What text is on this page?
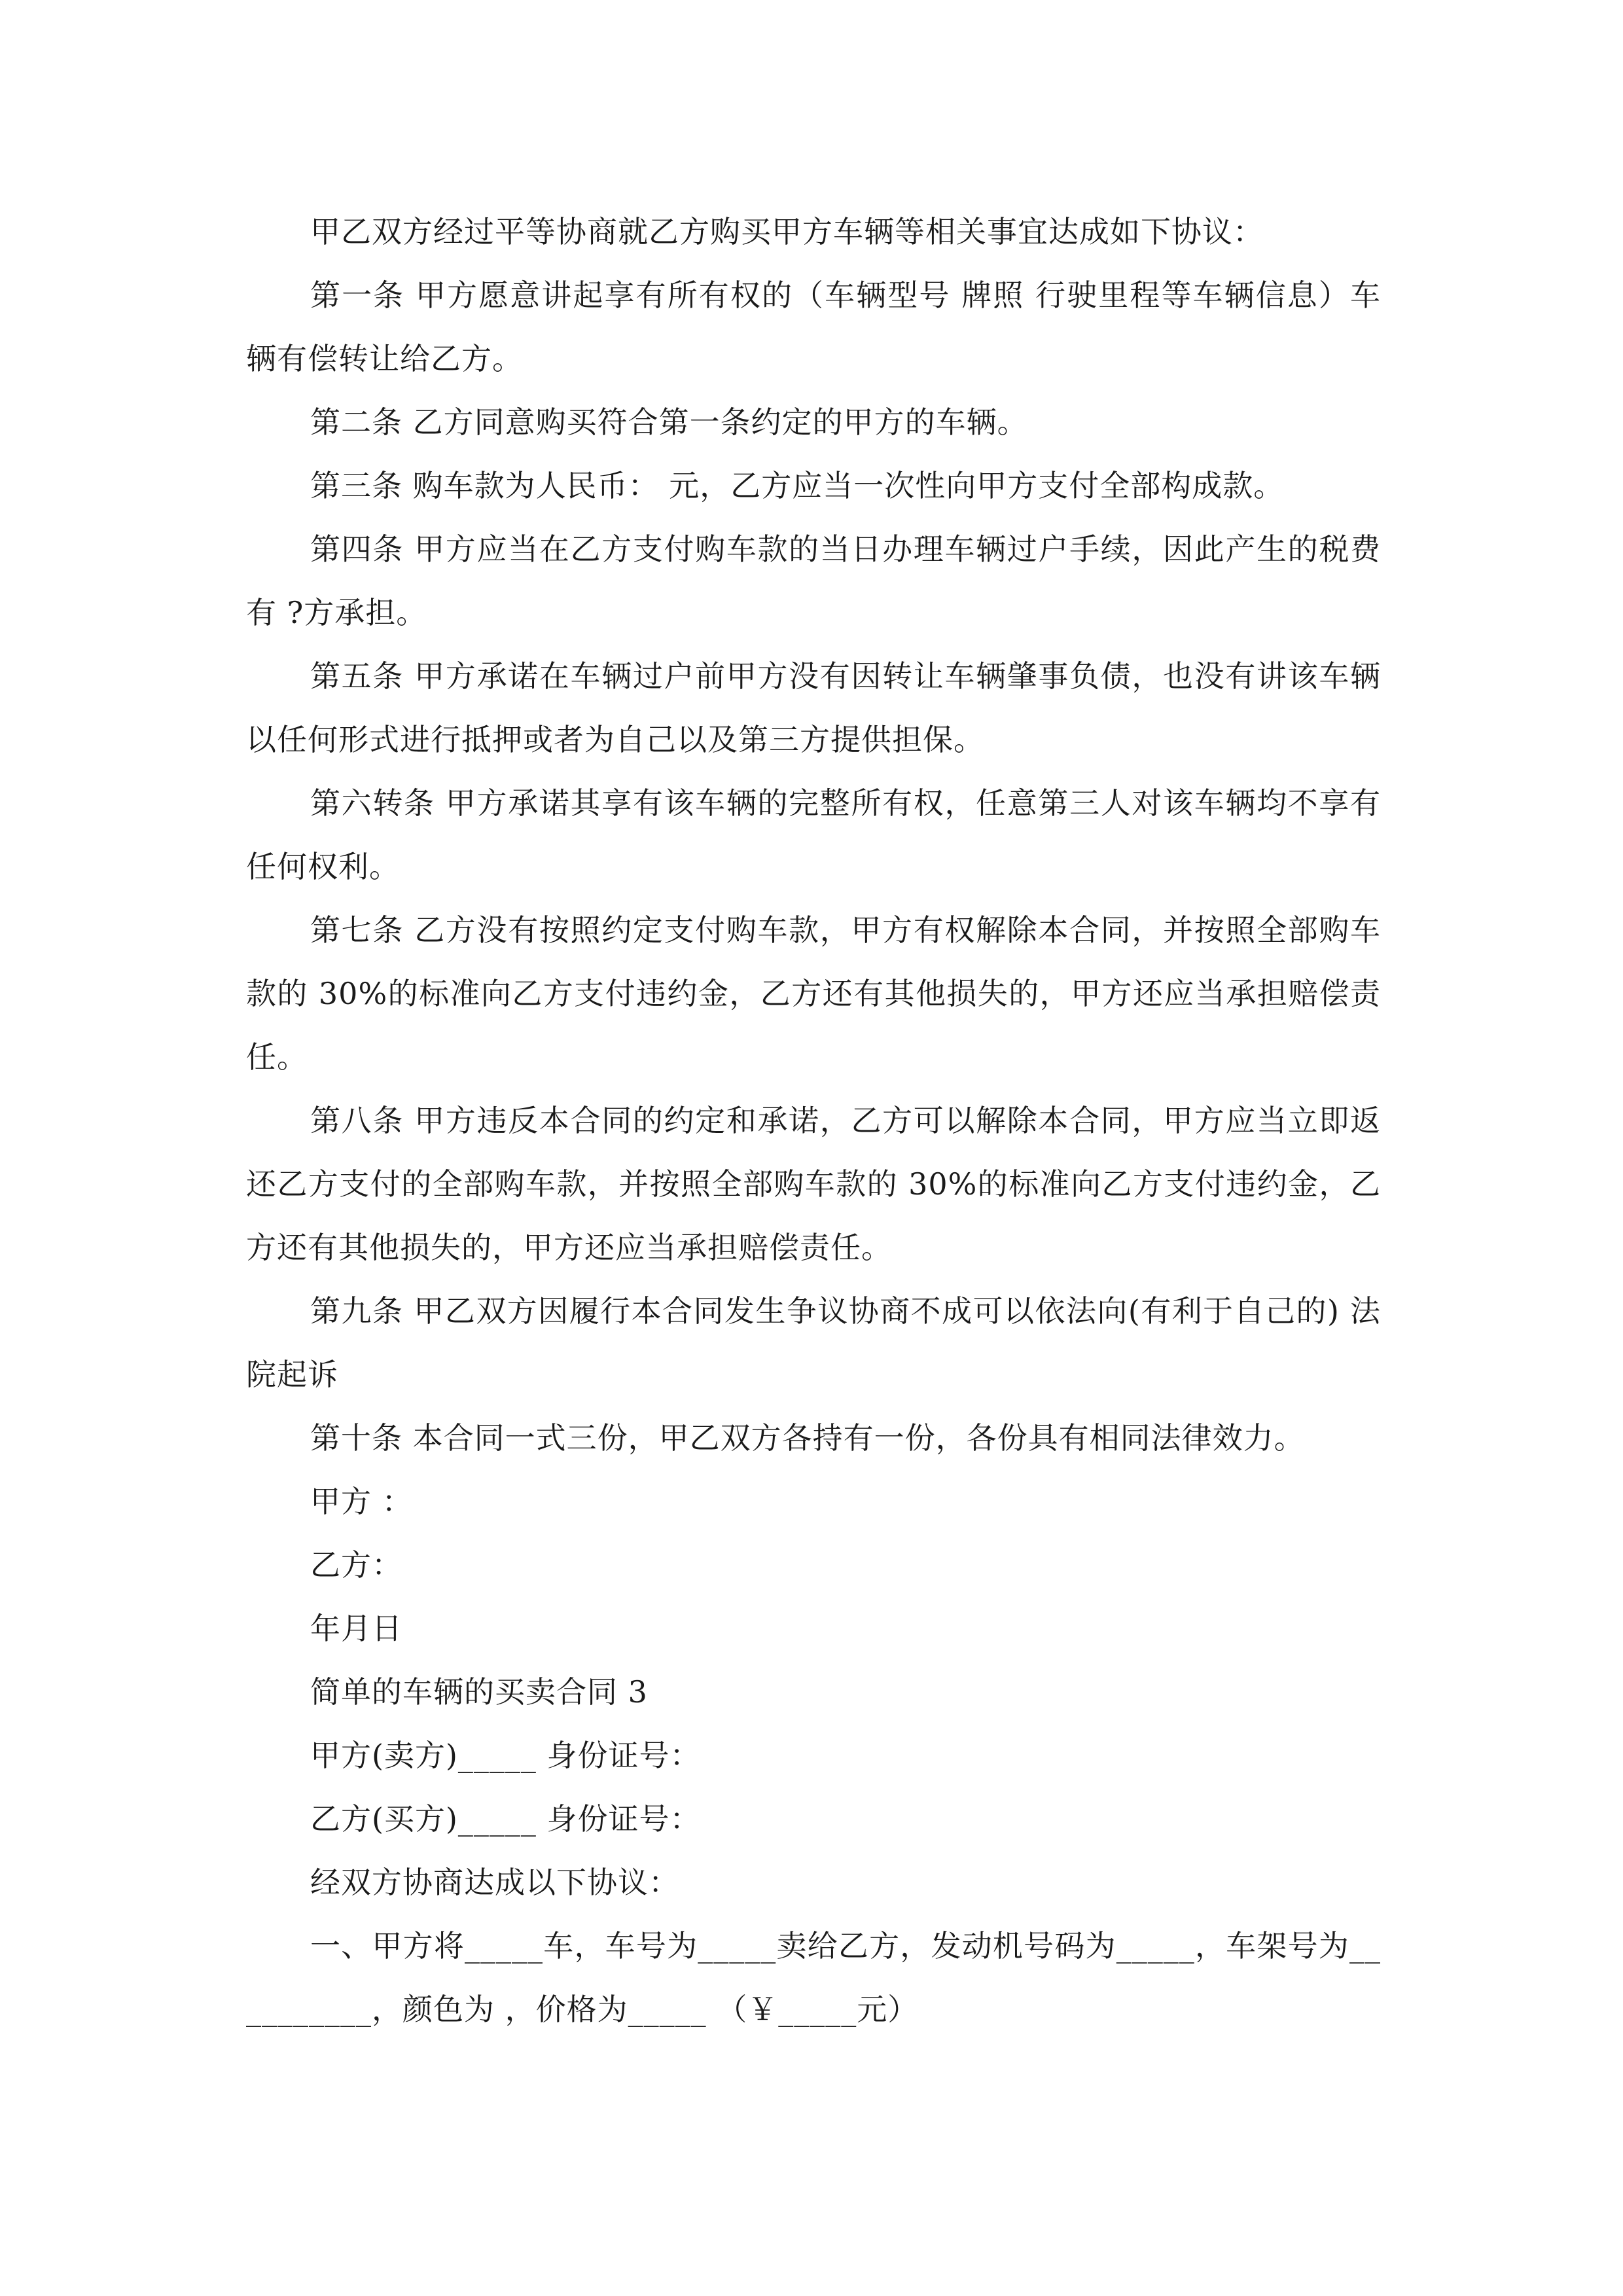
甲乙双方经过平等协商就乙方购买甲方车辆等相关事宜达成如下协议：

第一条 甲方愿意讲起享有所有权的（车辆型号 牌照 行驶里程等车辆信息）车辆有偿转让给乙方。

第二条 乙方同意购买符合第一条约定的甲方的车辆。

第三条 购车款为人民币： 元，乙方应当一次性向甲方支付全部构成款。

第四条 甲方应当在乙方支付购车款的当日办理车辆过户手续，因此产生的税费有 ?方承担。

第五条 甲方承诺在车辆过户前甲方没有因转让车辆肇事负债，也没有讲该车辆以任何形式进行抵押或者为自己以及第三方提供担保。

第六转条 甲方承诺其享有该车辆的完整所有权，任意第三人对该车辆均不享有任何权利。

第七条 乙方没有按照约定支付购车款，甲方有权解除本合同，并按照全部购车款的 30%的标准向乙方支付违约金，乙方还有其他损失的，甲方还应当承担赔偿责任。

第八条 甲方违反本合同的约定和承诺，乙方可以解除本合同，甲方应当立即返还乙方支付的全部购车款，并按照全部购车款的 30%的标准向乙方支付违约金，乙方还有其他损失的，甲方还应当承担赔偿责任。

第九条 甲乙双方因履行本合同发生争议协商不成可以依法向(有利于自己的) 法院起诉

第十条 本合同一式三份，甲乙双方各持有一份，各份具有相同法律效力。

甲方 ：

乙方：

年月日

简单的车辆的买卖合同 3

甲方(卖方)_____ 身份证号：

乙方(买方)_____ 身份证号：

经双方协商达成以下协议：

一、甲方将_____车，车号为_____卖给乙方，发动机号码为_____，车架号为__________，颜色为 ，价格为_____ （￥_____元）
